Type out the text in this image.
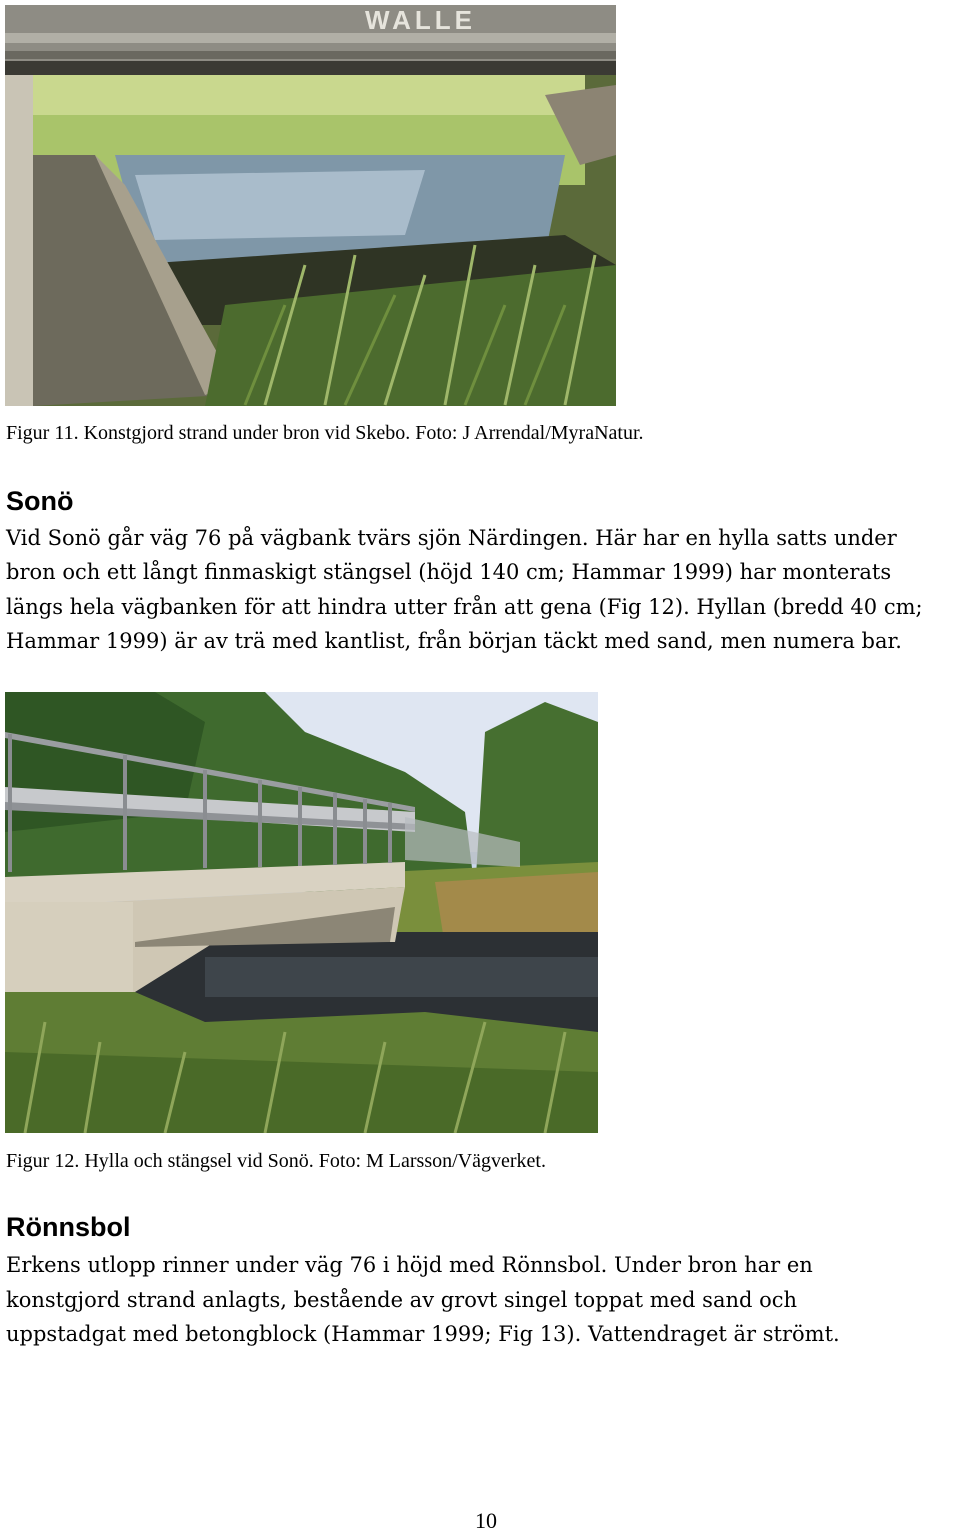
WALLE
Figur 11. Konstgjord strand under bron vid Skebo. Foto: J Arrendal/MyraNatur.
Sonö
Vid Sonö går väg 76 på vägbank tvärs sjön Närdingen. Här har en hylla satts under
bron och ett långt finmaskigt stängsel (höjd 140 cm; Hammar 1999) har monterats
längs hela vägbanken för att hindra utter från att gena (Fig 12). Hyllan (bredd 40 cm;
Hammar 1999) är av trä med kantlist, från början täckt med sand, men numera bar.
Figur 12. Hylla och stängsel vid Sonö. Foto: M Larsson/Vägverket.
Rönnsbol
Erkens utlopp rinner under väg 76 i höjd med Rönnsbol. Under bron har en
konstgjord strand anlagts, bestående av grovt singel toppat med sand och
uppstadgat med betongblock (Hammar 1999; Fig 13). Vattendraget är strömt.
10
